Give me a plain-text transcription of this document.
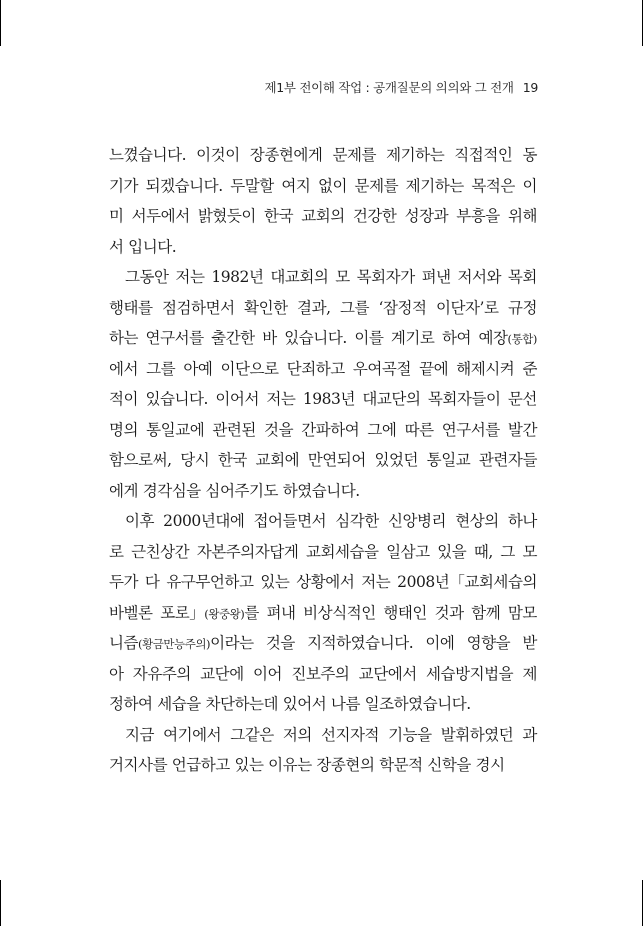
제1부 전이해 작업 : 공개질문의 의의와 그 전개 19
느꼈습니다. 이것이 장종현에게 문제를 제기하는 직접적인 동
기가 되겠습니다. 두말할 여지 없이 문제를 제기하는 목적은 이
미 서두에서 밝혔듯이 한국 교회의 건강한 성장과 부흥을 위해
서 입니다.
그동안 저는 1982년 대교회의 모 목회자가 펴낸 저서와 목회
행태를 점검하면서 확인한 결과, 그를 ‘잠정적 이단자’로 규정
하는 연구서를 출간한 바 있습니다. 이를 계기로 하여 예장(통합)
에서 그를 아예 이단으로 단죄하고 우여곡절 끝에 해제시켜 준
적이 있습니다. 이어서 저는 1983년 대교단의 목회자들이 문선
명의 통일교에 관련된 것을 간파하여 그에 따른 연구서를 발간
함으로써, 당시 한국 교회에 만연되어 있었던 통일교 관련자들
에게 경각심을 심어주기도 하였습니다.
이후 2000년대에 접어들면서 심각한 신앙병리 현상의 하나
로 근친상간 자본주의자답게 교회세습을 일삼고 있을 때, 그 모
두가 다 유구무언하고 있는 상황에서 저는 2008년「교회세습의
바벨론 포로」(왕중왕)를 펴내 비상식적인 행태인 것과 함께 맘모
니즘(황금만능주의)이라는 것을 지적하였습니다. 이에 영향을 받
아 자유주의 교단에 이어 진보주의 교단에서 세습방지법을 제
정하여 세습을 차단하는데 있어서 나름 일조하였습니다.
지금 여기에서 그같은 저의 선지자적 기능을 발휘하였던 과
거지사를 언급하고 있는 이유는 장종현의 학문적 신학을 경시
